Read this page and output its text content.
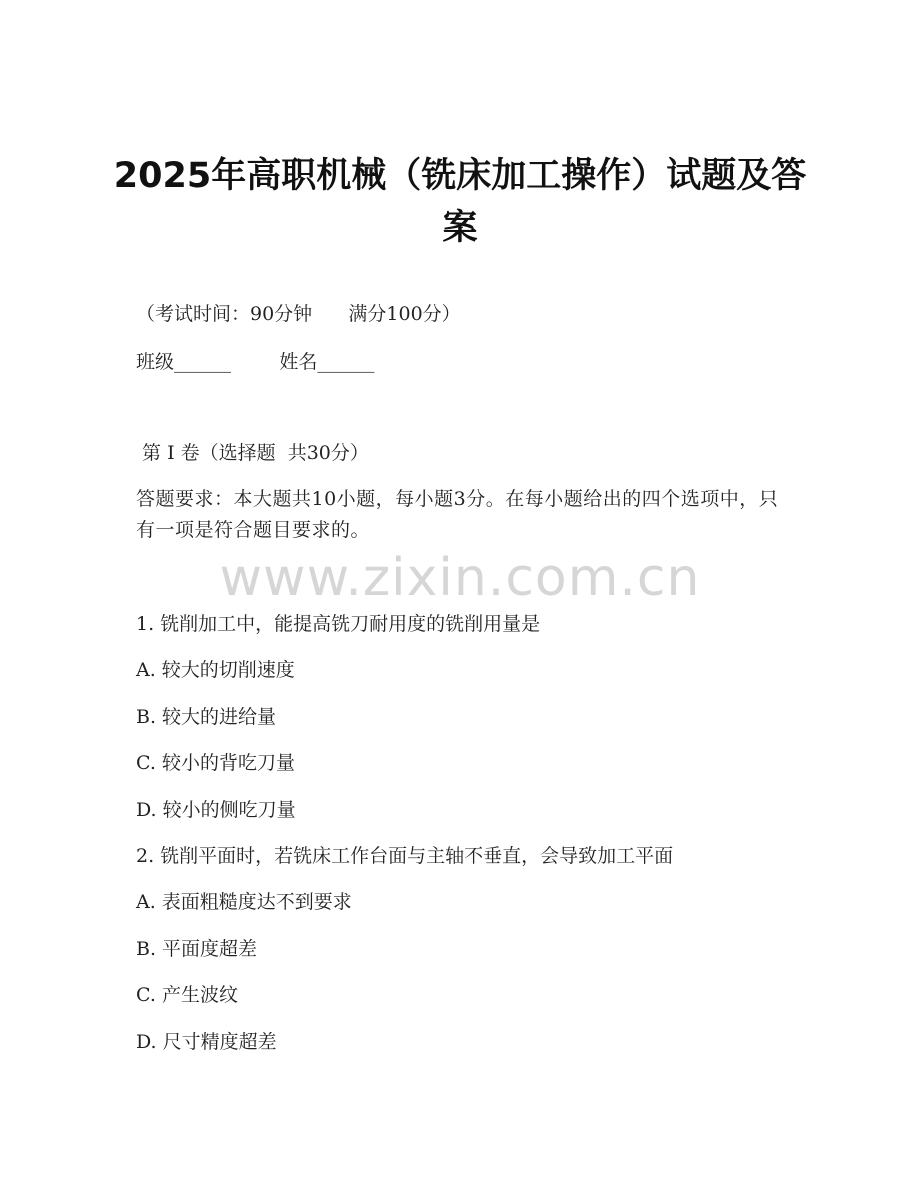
2025年高职机械（铣床加工操作）试题及答案
（考试时间：90分钟      满分100分）
班级______        姓名______
第 I 卷（选择题  共30分）
答题要求：本大题共10小题，每小题3分。在每小题给出的四个选项中，只有一项是符合题目要求的。
www.zixin.com.cn
1. 铣削加工中，能提高铣刀耐用度的铣削用量是
A. 较大的切削速度
B. 较大的进给量
C. 较小的背吃刀量
D. 较小的侧吃刀量
2. 铣削平面时，若铣床工作台面与主轴不垂直，会导致加工平面
A. 表面粗糙度达不到要求
B. 平面度超差
C. 产生波纹
D. 尺寸精度超差
